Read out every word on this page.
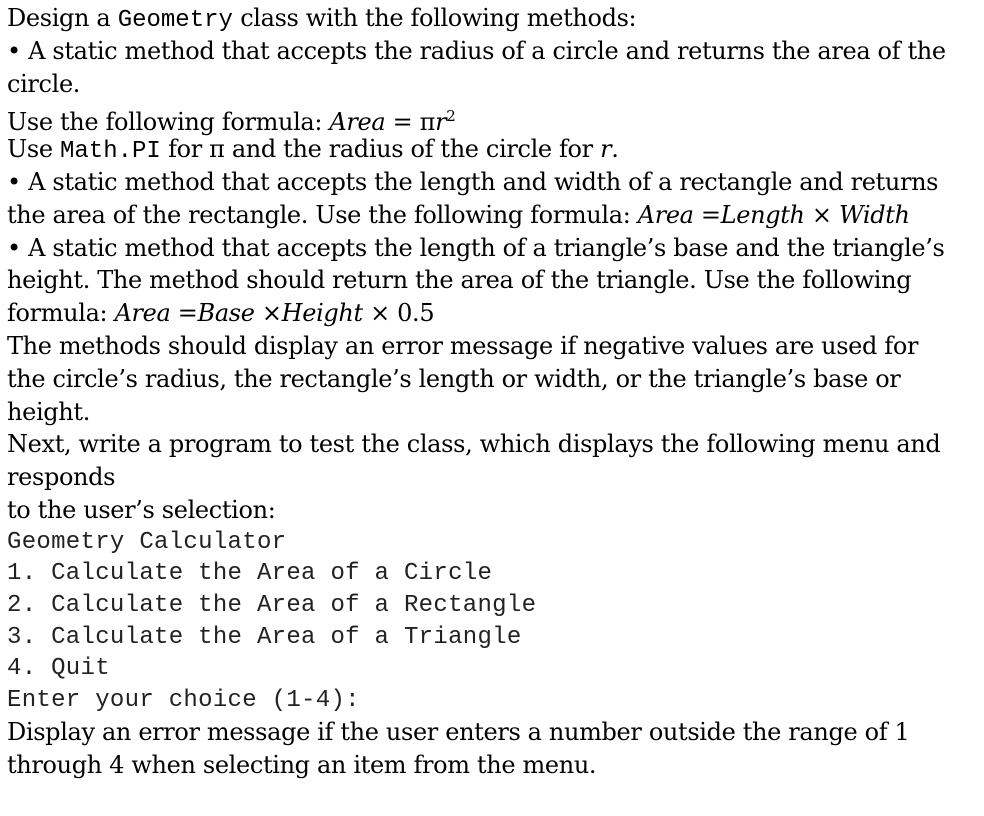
Design a Geometry class with the following methods:
• A static method that accepts the radius of a circle and returns the area of the
circle.
Use the following formula: Area = $\pi r^2$
Use Math.PI for π and the radius of the circle for r.
• A static method that accepts the length and width of a rectangle and returns
the area of the rectangle. Use the following formula: Area =Length × Width
• A static method that accepts the length of a triangle’s base and the triangle’s
height. The method should return the area of the triangle. Use the following
formula: Area =Base ×Height × 0.5
The methods should display an error message if negative values are used for
the circle’s radius, the rectangle’s length or width, or the triangle’s base or
height.
Next, write a program to test the class, which displays the following menu and
responds
to the user’s selection:
Geometry Calculator
1. Calculate the Area of a Circle
2. Calculate the Area of a Rectangle
3. Calculate the Area of a Triangle
4. Quit
Enter your choice (1-4):
Display an error message if the user enters a number outside the range of 1
through 4 when selecting an item from the menu.
